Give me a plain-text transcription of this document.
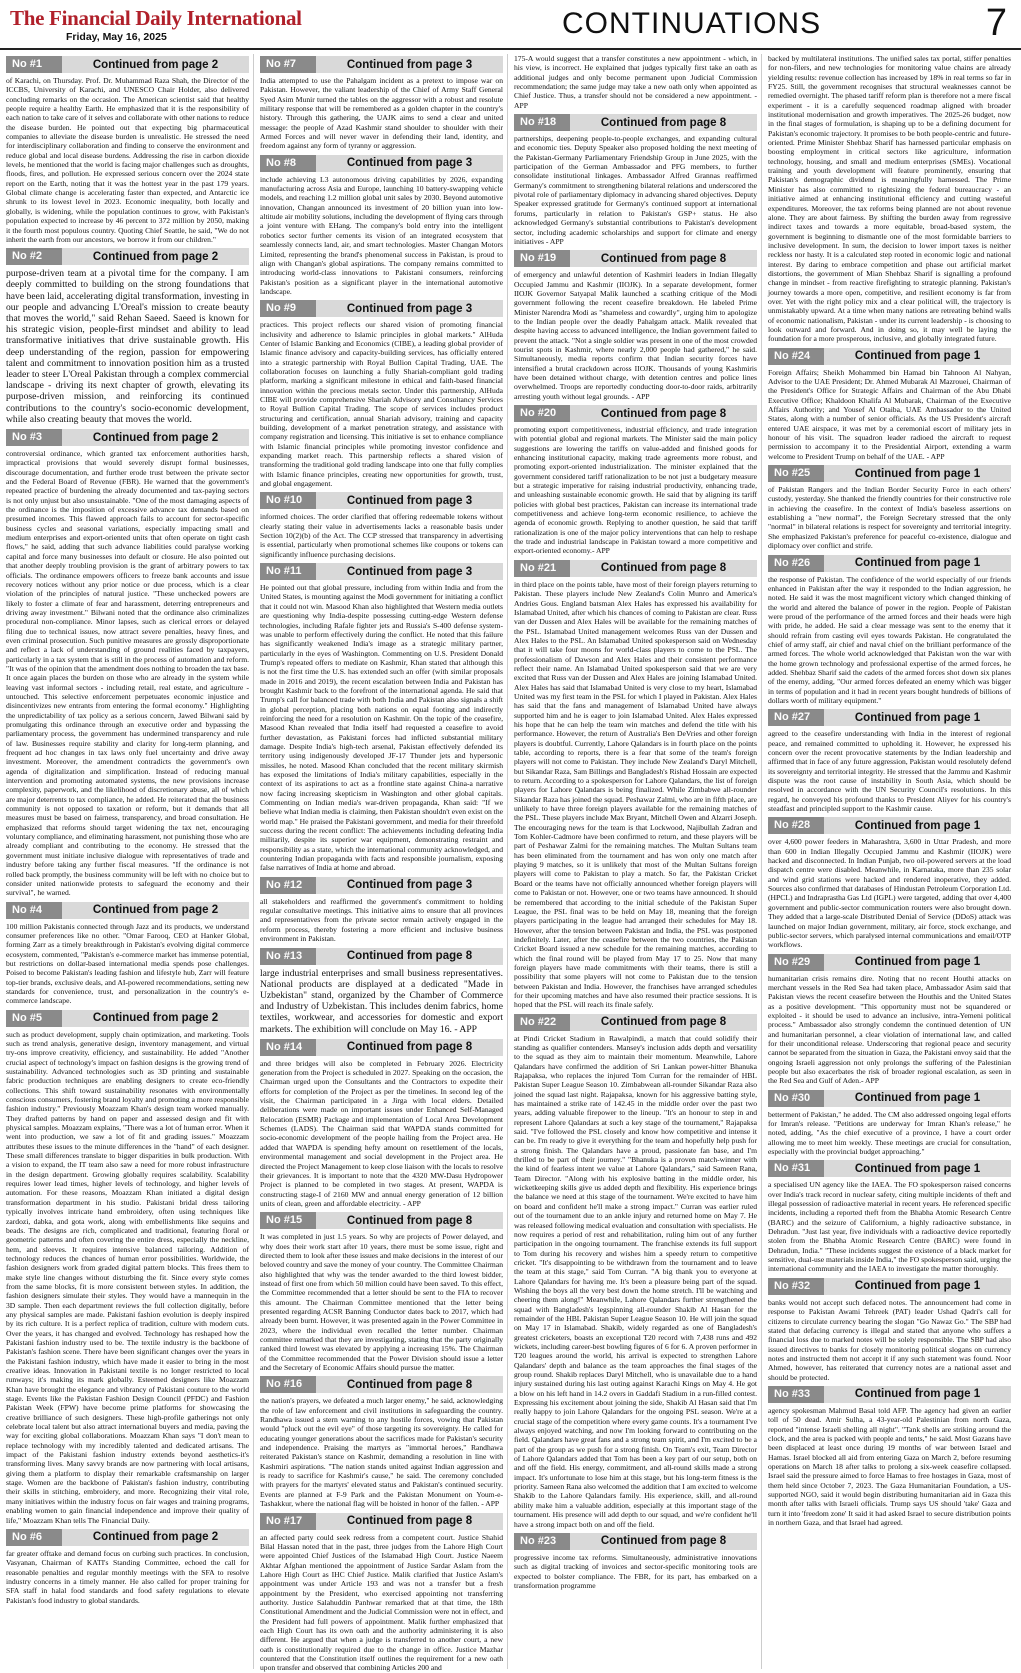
The Financial Daily International
Friday, May 16, 2025	CONTINUATIONS	7
No #1	Continued from page 2

of Karachi, on Thursday. Prof. Dr. Muhammad Raza Shah, the Director of the ICCBS, University of Karachi, and UNESCO Chair Holder, also delivered concluding remarks on the occasion. The American scientist said that healthy people require a healthy Earth. He emphasized that it is the responsibility of each nation to take care of it selves and collaborate with other nations to reduce the disease burden. He pointed out that expecting big pharmaceutical companies to alleviate the disease burden is unrealistic. He stressed the need for interdisciplinary collaboration and finding to conserve the environment and reduce global and local disease burdens. Addressing the rise in carbon dioxide levels, he mentioned that the world is facing major challenges such as droughts, floods, fires, and pollution. He expressed serious concern over the 2024 state report on the Earth, noting that it was the hottest year in the past 179 years. Global climate change is accelerating faster than expected, and Antarctic ice shrunk to its lowest level in 2023. Economic inequality, both locally and globally, is widening, while the population continues to grow, with Pakistan's population expected to increase by 46 percent to 372 million by 2050, making it the fourth most populous country. Quoting Chief Seattle, he said, "We do not inherit the earth from our ancestors, we borrow it from our children."

No #2	Continued from page 2

purpose-driven team at a pivotal time for the company. I am deeply committed to building on the strong foundations that have been laid, accelerating digital transformation, investing in our people and advancing L'Oreal's mission to create beauty that moves the world," said Rehan Saeed. Saeed is known for his strategic vision, people-first mindset and ability to lead transformative initiatives that drive sustainable growth. His deep understanding of the region, passion for empowering talent and commitment to innovation position him as a trusted leader to steer L'Oreal Pakistan through a complex commercial landscape - driving its next chapter of growth, elevating its purpose-driven mission, and reinforcing its continued contributions to the country's socio-economic development, while also creating beauty that moves the world.

No #3	Continued from page 2

controversial ordinance, which granted tax enforcement authorities harsh, impractical provisions that would severely disrupt formal businesses, discourage documentation, and further erode trust between the private sector and the Federal Board of Revenue (FBR). He warned that the government's repeated practice of burdening the already documented and tax-paying sectors is not only unjust but also unsustainable. "One of the most damaging aspects of the ordinance is the imposition of excessive advance tax demands based on presumed incomes. This flawed approach fails to account for sector-specific business cycles and seasonal variations, especially impacting small and medium enterprises and export-oriented units that often operate on tight cash flows," he said, adding that such advance liabilities could paralyse working capital and force many businesses into default or closure. He also pointed out that another deeply troubling provision is the grant of arbitrary powers to tax officials. The ordinance empowers officers to freeze bank accounts and issue recovery notices without any prior notice or due process, which is a clear violation of the principles of natural justice. "These unchecked powers are likely to foster a climate of fear and harassment, deterring entrepreneurs and driving away investment." Bilwani noted that the ordinance also criminalizes procedural non-compliance. Minor lapses, such as clerical errors or delayed filing due to technical issues, now attract severe penalties, heavy fines, and even criminal prosecution. Such punitive measures are grossly disproportionate and reflect a lack of understanding of ground realities faced by taxpayers, particularly in a tax system that is still in the process of automation and reform. "It was of the opinion that the amendment does nothing to broaden the tax base. It once again places the burden on those who are already in the system while leaving vast informal sectors - including retail, real estate, and agriculture - untouched. This selective enforcement perpetuates economic injustice and disincentivizes new entrants from entering the formal economy." Highlighting the unpredictability of tax policy as a serious concern, Jawed Bilwani said by promulgating this ordinance through an executive order and bypassing the parliamentary process, the government has undermined transparency and rule of law. Businesses require stability and clarity for long-term planning, and frequent ad hoc changes in tax laws only fuel uncertainty and drive away investment. Moreover, the amendment contradicts the government's own agenda of digitalization and simplification. Instead of reducing manual intervention and promoting automated systems, the new provisions increase complexity, paperwork, and the likelihood of discretionary abuse, all of which are major deterrents to tax compliance, he added. He reiterated that the business community is not opposed to taxation or reform, but it demands that all measures must be based on fairness, transparency, and broad consultation. He emphasized that reforms should target widening the tax net, encouraging voluntary compliance, and eliminating harassment, not punishing those who are already compliant and contributing to the economy. He stressed that the government must initiate inclusive dialogue with representatives of trade and industry before taking any further fiscal measures. "If the ordinance is not rolled back promptly, the business community will be left with no choice but to consider united nationwide protests to safeguard the economy and their survival", he warned.

No #4	Continued from page 2

100 million Pakistanis connected through Jazz and its products, we understand consumer preferences like no other. "Omar Farooq, CEO at Hanker Global, forming Zarr as a timely breakthrough in Pakistan's evolving digital commerce ecosystem, commented, "Pakistan's e-commerce market has immense potential, but restrictions on dollar-based international media spends pose challenges. Poised to become Pakistan's leading fashion and lifestyle hub, Zarr will feature top-tier brands, exclusive deals, and AI-powered recommendations, setting new standards for convenience, trust, and personalization in the country's e-commerce landscape.

No #5	Continued from page 2

such as product development, supply chain optimization, and marketing. Tools such as trend analysis, generative design, inventory management, and virtual try-ons improve creativity, efficiency, and sustainability. He added "Another crucial aspect of technology's impact on fashion designs is the growing trend of sustainability. Advanced technologies such as 3D printing and sustainable fabric production techniques are enabling designers to create eco-friendly collections. This shift toward sustainability resonates with environmentally conscious consumers, fostering brand loyalty and promoting a more responsible fashion industry." Previously Moazzam Khan's design team worked manually. They drafted patterns by hand on paper and assessed design and fit with physical samples. Moazzam explains, "There was a lot of human error. When it went into production, we saw a lot of fit and grading issues." Moazzam attributes these issues to the minute differences in the "hand" of each designer. These small differences translate to bigger disparities in bulk production. With a vision to expand, the IT team also saw a need for more robust infrastructure in the design department. Growing globally requires scalability. Scalability requires lower lead times, higher levels of technology, and higher levels of automation. For these reasons, Moazzam Khan initiated a digital design transformation department in his studio. Pakistani bridal dress tailoring typically involves intricate hand embroidery, often using techniques like zardozi, dabka, and gota work, along with embellishments like sequins and beads. The designs are rich, complicated and traditional, featuring floral or geometric patterns and often covering the entire dress, especially the neckline, hem, and sleeves. It requires intensive balanced tailoring. Addition of technology reduces the chances of human error possibilities. Worldwide, the fashion designers work from graded digital pattern blocks. This frees them to make style line changes without disturbing the fit. Since every style comes from the same blocks, fit is more consistent between styles. In addition, the fashion designers simulate their styles. They would have a mannequin in the 3D sample. Then each department reviews the full collection digitally, before any physical samples are made. Pakistani fashion evolution is deeply inspired by its rich culture. It is a perfect replica of tradition, culture with modern cuts. Over the years, it has changed and evolved. Technology has reshaped how the Pakistani fashion industry used to be. The textile industry is the backbone of Pakistan's fashion scene. There have been significant changes over the years in the Pakistani fashion industry, which have made it easier to bring in the most creative ideas. Innovation in Pakistani textile is no longer restricted to local runways; it's making its mark globally. Esteemed designers like Moazzam Khan have brought the elegance and vibrancy of Pakistani couture to the world stage. Events like the Pakistan Fashion Design Council (PFDC) and Fashion Pakistan Week (FPW) have become prime platforms for showcasing the creative brilliance of such designers. These high-profile gatherings not only celebrate local talent but also attract international buyers and media, paving the way for exciting global collaborations. Moazzam Khan says "I don't mean to replace technology with my incredibly talented and dedicated artisans. The impact of the Pakistani fashion industry extends beyond aesthetics-it's transforming lives. Many savvy brands are now partnering with local artisans, giving them a platform to display their remarkable craftsmanship on larger stage. Women are the backbone of Pakistan's fashion industry, contributing their skills in stitching, embroidery, and more. Recognizing their vital role, many initiatives within the industry focus on fair wages and training programs, enabling women to gain financial independence and improve their quality of life," Moazzam Khan tells The Financial Daily.

No #6	Continued from page 2

far greater offtake and demand focus on curbing such practices. In conclusion, Vasyanan, Chairman of KATI's Standing Committee, echoed the call for reasonable penalties and regular monthly meetings with the SFA to resolve industry concerns in a timely manner. He also called for proper training for SFA staff in halal food standards and food safety regulations to elevate Pakistan's food industry to global standards.

No #7	Continued from page 3

India attempted to use the Pahalgam incident as a pretext to impose war on Pakistan. However, the valiant leadership of the Chief of Army Staff General Syed Asim Munir turned the tables on the aggressor with a robust and resolute military response that will be remembered as a golden chapter in the country's history. Through this gathering, the UAJK aims to send a clear and united message: the people of Azad Kashmir stand shoulder to shoulder with their Armed Forces and will never waver in defending their land, identity, and freedom against any form of tyranny or aggression.

No #8	Continued from page 3

include achieving L3 autonomous driving capabilities by 2026, expanding manufacturing across Asia and Europe, launching 10 battery-swapping vehicle models, and reaching 1.2 million global unit sales by 2030. Beyond automotive innovation, Changan announced its investment of 20 billion yuan into low-altitude air mobility solutions, including the development of flying cars through a joint venture with EHang. The company's bold entry into the intelligent robotics sector further cements its vision of an integrated ecosystem that seamlessly connects land, air, and smart technologies. Master Changan Motors Limited, representing the brand's phenomenal success in Pakistan, is proud to align with Changan's global aspirations. The company remains committed to introducing world-class innovations to Pakistani consumers, reinforcing Pakistan's position as a significant player in the international automotive landscape.

No #9	Continued from page 3

practices. This project reflects our shared vision of promoting financial inclusivity and adherence to Islamic principles in global markets." AlHuda Center of Islamic Banking and Economics (CIBE), a leading global provider of Islamic finance advisory and capacity-building services, has officially entered into a strategic partnership with Royal Bullion Capital Trading, UAE. The collaboration focuses on launching a fully Shariah-compliant gold trading platform, marking a significant milestone in ethical and faith-based financial innovation within the precious metals sector. Under this partnership, AlHuda CIBE will provide comprehensive Shariah Advisory and Consultancy Services to Royal Bullion Capital Trading. The scope of services includes product structuring and certification, annual Shariah advisory, training and capacity building, development of a market penetration strategy, and assistance with company registration and licensing. This initiative is set to enhance compliance with Islamic financial principles while promoting investor confidence and expanding market reach. This partnership reflects a shared vision of transforming the traditional gold trading landscape into one that fully complies with Islamic finance principles, creating new opportunities for growth, trust, and global engagement.

No #10	Continued from page 3

informed choices. The order clarified that offering redeemable tokens without clearly stating their value in advertisements lacks a reasonable basis under Section 10(2)(b) of the Act. The CCP stressed that transparency in advertising is essential, particularly when promotional schemes like coupons or tokens can significantly influence purchasing decisions.

No #11	Continued from page 3

He pointed out that global pressure, including from within India and from the United States, is mounting against the Modi government for initiating a conflict that it could not win. Masood Khan also highlighted that Western media outlets are questioning why India-despite possessing cutting-edge Western defense technologies, including Rafale fighter jets and Russia's S-400 defense system-was unable to perform effectively during the conflict. He noted that this failure has significantly weakened India's image as a strategic military partner, particularly in the eyes of Washington. Commenting on U.S. President Donald Trump's repeated offers to mediate on Kashmir, Khan stated that although this is not the first time the U.S. has extended such an offer (with similar proposals made in 2016 and 2019), the recent escalation between India and Pakistan has brought Kashmir back to the forefront of the international agenda. He said that Trump's call for balanced trade with both India and Pakistan also signals a shift in global perception, placing both nations on equal footing and indirectly reinforcing the need for a resolution on Kashmir. On the topic of the ceasefire, Masood Khan revealed that India itself had requested a ceasefire to avoid further devastation, as Pakistani forces had inflicted substantial military damage. Despite India's high-tech arsenal, Pakistan effectively defended its territory using indigenously developed JF-17 Thunder jets and hypersonic missiles, he noted. Masood Khan concluded that the recent military skirmish has exposed the limitations of India's military capabilities, especially in the context of its aspirations to act as a frontline state against China-a narrative now facing increasing skepticism in Washington and other global capitals. Commenting on Indian media's war-driven propaganda, Khan said: "If we believe what Indian media is claiming, then Pakistan shouldn't even exist on the world map." He praised the Pakistani government, and media for their threefold success during the recent conflict: The achievements including defeating India militarily, despite its superior war equipment, demonstrating restraint and responsibility as a state, which the international community acknowledged, and countering Indian propaganda with facts and responsible journalism, exposing false narratives of India at home and abroad.

No #12	Continued from page 3

all stakeholders and reaffirmed the government's commitment to holding regular consultative meetings. This initiative aims to ensure that all provinces and representatives from the private sector remain actively engaged in the reform process, thereby fostering a more efficient and inclusive business environment in Pakistan.

No #13	Continued from page 8

large industrial enterprises and small business representatives. National products are displayed at a dedicated "Made in Uzbekistan" stand, organized by the Chamber of Commerce and Industry of Uzbekistan. This includes denim fabrics, home textiles, workwear, and accessories for domestic and export markets. The exhibition will conclude on May 16. - APP

No #14	Continued from page 8

and three bridges will also be completed in February 2026. Electricity generation from the Project is scheduled in 2027. Speaking on the occasion, the Chairman urged upon the Consultants and the Contractors to expedite their efforts for completion of the Project as per the timelines. In second leg of the visit, the Chairman participated in a Jirga with local elders. Detailed deliberations were made on important issues under Enhanced Self-Managed Relocation (ESMR) Package and implementation of Local Area Development Schemes (LADS). The Chairman said that WAPDA stands committed for socio-economic development of the people hailing from the Project area. He added that WAPDA is spending hefty amount on resettlement of the locals, environmental management and social development in the Project area. He directed the Project Management to keep close liaison with the locals to resolve their grievances. It is important to note that the 4320 MW-Dasu Hydropower Project is planned to be completed in two stages. At present, WAPDA is constructing stage-I of 2160 MW and annual energy generation of 12 billion units of clean, green and affordable electricity. - APP

No #15	Continued from page 8

It was completed in just 1.5 years. So why are projects of Power delayed, and why does their work start after 10 years, there must be some issue, right and directed them to look after these issues and make decisions in the interest of our beloved country and save the money of your country. The Committee Chairman also highlighted that why was the tender awarded to the third lowest bidder, instead of first one from which 50 million could have been saved. To this effect, the Committee recommended that a letter should be sent to the FIA to recover this amount. The Chairman Committee mentioned that the letter being presented regarding ACSR Banning Conductor dates back to 2017, which had already been burnt. However, it was presented again in the Power Committee in 2023, where the individual even recalled the letter number. Chairman committee remarked that they are investigating, stating that the party originally ranked third lowest was elevated by applying a increasing 15%. The Chairman of the Committee recommended that the Power Division should issue a letter and the Secretary of Economic Affairs should pursue the matter.

No #16	Continued from page 8

the nation's prayers, we defeated a much larger enemy," he said, acknowledging the role of law enforcement and civil institutions in safeguarding the country. Randhawa issued a stern warning to any hostile forces, vowing that Pakistan would "pluck out the evil eye" of those targeting its sovereignty. He called for educating younger generations about the sacrifices made for Pakistan's security and independence. Praising the martyrs as "immortal heroes," Randhawa reiterated Pakistan's stance on Kashmir, demanding a resolution in line with Kashmiri aspirations. "The nation stands united against Indian aggression and is ready to sacrifice for Kashmir's cause," he said. The ceremony concluded with prayers for the martyrs' elevated status and Pakistan's continued security. Events are planned at F-9 Park and the Pakistan Monument on Youm-e-Tashakkur, where the national flag will be hoisted in honor of the fallen. - APP

No #17	Continued from page 8

an affected party could seek redress from a competent court. Justice Shahid Bilal Hassan noted that in the past, three judges from the Lahore High Court were appointed Chief Justices of the Islamabad High Court. Justice Naeem Akhtar Afghan mentioned the appointment of Justice Sardar Aslam from the Lahore High Court as IHC Chief Justice. Malik clarified that Justice Aslam's appointment was under Article 193 and was not a transfer but a fresh appointment by the President, who exercised appointing not transferring authority. Justice Salahuddin Panhwar remarked that at that time, the 18th Constitutional Amendment and the Judicial Commission were not in effect, and the President had full powers of appointment. Malik further emphasized that each High Court has its own oath and the authority administering it is also different. He argued that when a judge is transferred to another court, a new oath is constitutionally required due to the change in office. Justice Mazhar countered that the Constitution itself outlines the requirement for a new oath upon transfer and observed that combining Articles 200 and

175-A would suggest that a transfer constitutes a new appointment - which, in his view, is incorrect. He explained that judges typically first take an oath as additional judges and only become permanent upon Judicial Commission recommendation; the same judge may take a new oath only when appointed as Chief Justice. Thus, a transfer should not be considered a new appointment. - APP

No #18	Continued from page 8

partnerships, deepening people-to-people exchanges, and expanding cultural and economic ties. Deputy Speaker also proposed holding the next meeting of the Pakistan-Germany Parliamentary Friendship Group in June 2025, with the participation of the German Ambassador and PFG members, to further consolidate institutional linkages. Ambassador Alfred Grannas reaffirmed Germany's commitment to strengthening bilateral relations and underscored the pivotal role of parliamentary diplomacy in advancing shared objectives. Deputy Speaker expressed gratitude for Germany's continued support at international forums, particularly in relation to Pakistan's GSP+ status. He also acknowledged Germany's substantial contributions to Pakistan's development sector, including academic scholarships and support for climate and energy initiatives - APP

No #19	Continued from page 8

of emergency and unlawful detention of Kashmiri leaders in Indian Illegally Occupied Jammu and Kashmir (IIOJK). In a separate development, former IIOJK Governor Satyapal Malik launched a scathing critique of the Modi government following the recent ceasefire breakdown. He labeled Prime Minister Narendra Modi as "shameless and cowardly", urging him to apologize to the Indian people over the deadly Pahalgam attack. Malik revealed that despite having access to advanced intelligence, the Indian government failed to prevent the attack. "Not a single soldier was present in one of the most crowded tourist spots in Kashmir, where nearly 2,000 people had gathered," he said. Simultaneously, media reports confirm that Indian security forces have intensified a brutal crackdown across IIOJK. Thousands of young Kashmiris have been detained without charge, with detention centres and police lines overwhelmed. Troops are reportedly conducting door-to-door raids, arbitrarily arresting youth without legal grounds. - APP

No #20	Continued from page 8

promoting export competitiveness, industrial efficiency, and trade integration with potential global and regional markets. The Minister said the main policy suggestions are lowering the tariffs on value-added and finished goods for enhancing institutional capacity, making trade agreements more robust, and promoting export-oriented industrialization. The minister explained that the government considered tariff rationalization to be not just a budgetary measure but a strategic imperative for raising industrial productivity, enhancing trade, and unleashing sustainable economic growth. He said that by aligning its tariff policies with global best practices, Pakistan can increase its international trade competitiveness and achieve long-term economic resilience, to achieve the agenda of economic growth. Replying to another question, he said that tariff rationalization is one of the major policy interventions that can help to reshape the trade and industrial landscape in Pakistan toward a more competitive and export-oriented economy.- APP

No #21	Continued from page 8

in third place on the points table, have most of their foreign players returning to Pakistan. These players include New Zealand's Colin Munro and America's Andries Gous. England batsman Alex Hales has expressed his availability for Islamabad United, after which his chances of coming to Pakistan are clear. Russ van der Dussen and Alex Hales will be available for the remaining matches of the PSL. Islamabad United management welcomes Russ van der Dussen and Alex Hales to the PSL. An Islamabad United spokesperson said on Wednesday that it will take four moons for world-class players to come to the PSL. The professionalism of Dawson and Alex Hales and their consistent performance reflect their name. An Islamabad United spokesperson said that we are very excited that Russ van der Dussen and Alex Hales are joining Islamabad United. Alex Hales has said that Islamabad United is very close to my heart, Islamabad United was my first team in the PSL for which I played in Pakistan. Alex Hales has said that the fans and management of Islamabad United have always supported him and he is eager to join Islamabad United. Alex Hales expressed his hope that he can help the team win matches and defend the title with his performance. However, the return of Australia's Ben DeVries and other foreign players is doubtful. Currently, Lahore Qalandars is in fourth place on the points table, according to reports, there is a fear that some of the team's foreign players will not come to Pakistan. They include New Zealand's Daryl Mitchell, but Sikandar Raza, Sam Billings and Bangladesh's Rishad Hossain are expected to return. According to a spokesperson for Lahore Qalandars, the list of foreign players for Lahore Qalandars is being finalized. While Zimbabwe all-rounder Sikandar Raza has joined the squad. Peshawar Zalmi, who are in fifth place, are unlikely to have three foreign players available for the remaining matches of the PSL. These players include Max Bryant, Mitchell Owen and Alzarri Joseph. The encouraging news for the team is that Lockwood, Najibullah Zadran and Tom Kohler-Cadmore have been confirmed to return, and these players will be part of Peshawar Zalmi for the remaining matches. The Multan Sultans team has been eliminated from the tournament and has won only one match after playing 9 matches, so it is unlikely that most of the Multan Sultans foreign players will come to Pakistan to play a match. So far, the Pakistan Cricket Board or the teams have not officially announced whether foreign players will come to Pakistan or not. However, one or two teams have announced. It should be remembered that according to the initial schedule of the Pakistan Super League, the PSL final was to be held on May 18, meaning that the foreign players participating in the league had arranged their schedules for May 18. However, after the tension between Pakistan and India, the PSL was postponed indefinitely. Later, after the ceasefire between the two countries, the Pakistan Cricket Board issued a new schedule for the remaining matches, according to which the final round will be played from May 17 to 25. Now that many foreign players have made commitments with their teams, there is still a possibility that some players will not come to Pakistan due to the tension between Pakistan and India. However, the franchises have arranged schedules for their upcoming matches and have also resumed their practice sessions. It is hoped that the PSL will reach its finale safely.

No #22	Continued from page 8

at Pindi Cricket Stadium in Rawalpindi, a match that could solidify their standing as qualifier contenders. Mansey's inclusion adds depth and versatility to the squad as they aim to maintain their momentum. Meanwhile, Lahore Qalandars have confirmed the addition of Sri Lankan power-hitter Bhanuka Rajapaksa, who replaces the injured Tom Curran for the remainder of HBL Pakistan Super League Season 10. Zimbabwean all-rounder Sikandar Raza also joined the squad last night. Rajapaksa, known for his aggressive batting style, has maintained a strike rate of 142.45 in the middle order over the past two years, adding valuable firepower to the lineup. "It's an honour to step in and represent Lahore Qalandars at such a key stage of the tournament," Rajapaksa said. "I've followed the PSL closely and know how competitive and intense it can be. I'm ready to give it everything for the team and hopefully help push for a strong finish. The Qalandars have a proud, passionate fan base, and I'm thrilled to be part of their journey." "Bhanuka is a proven match-winner with the kind of fearless intent we value at Lahore Qalandars," said Sameen Rana, Team Director. "Along with his explosive batting in the middle order, his wicketkeeping skills give us added depth and flexibility. His experience brings the balance we need at this stage of the tournament. We're excited to have him on board and confident he'll make a strong impact." Curran was earlier ruled out of the tournament due to an ankle injury and returned home on May 7. He was released following medical evaluation and consultation with specialists. He now requires a period of rest and rehabilitation, ruling him out of any further participation in the ongoing tournament. The franchise extends its full support to Tom during his recovery and wishes him a speedy return to competitive cricket. "It's disappointing to be withdrawn from the tournament and to leave the team at this stage," said Tom Curran. "A big thank you to everyone at Lahore Qalandars for having me. It's been a pleasure being part of the squad. Wishing the boys all the very best down the home stretch. I'll be watching and cheering them along!" Meanwhile, Lahore Qalandars further strengthened the squad with Bangladesh's legspinning all-rounder Shakib Al Hasan for the remainder of the HBL Pakistan Super League Season 10. He will join the squad on May 17 in Islamabad. Shakib, widely regarded as one of Bangladesh's greatest cricketers, boasts an exceptional T20 record with 7,438 runs and 492 wickets, including career-best bowling figures of 6 for 6. A proven performer in T20 leagues around the world, his arrival is expected to strengthen Lahore Qalandars' depth and balance as the team approaches the final stages of the group round. Shakib replaces Daryl Mitchell, who is unavailable due to a hand injury sustained during his last outing against Karachi Kings on May 4. He got a blow on his left hand in 14.2 overs in Gaddafi Stadium in a run-filled contest. Expressing his excitement about joining the side, Shakib Al Hasan said that I'm really happy to join Lahore Qalandars for the ongoing PSL season. We're at a crucial stage of the competition where every game counts. It's a tournament I've always enjoyed watching, and now I'm looking forward to contributing on the field. Qalandars have great fans and a strong team spirit, and I'm excited to be a part of the group as we push for a strong finish. On Team's exit, Team Director of Lahore Qalandars added that Tom has been a key part of our setup, both on and off the field. His energy, commitment, and all-round skills made a strong impact. It's unfortunate to lose him at this stage, but his long-term fitness is the priority. Sameen Rana also welcomed the addition that I am excited to welcome Shakib to the Lahore Qalandars family. His experience, skill, and all-round ability make him a valuable addition, especially at this important stage of the tournament. His presence will add depth to our squad, and we're confident he'll have a strong impact both on and off the field.

No #23	Continued from page 8

progressive income tax reforms. Simultaneously, administrative innovations such as digital tracking of invoices and sector-specific monitoring tools are expected to bolster compliance. The FBR, for its part, has embarked on a transformation programme

backed by multilateral institutions. The unified sales tax portal, stiffer penalties for non-filers, and new technologies for monitoring value chains are already yielding results: revenue collection has increased by 18% in real terms so far in FY25. Still, the government recognises that structural weaknesses cannot be remedied overnight. The phased tariff reform plan is therefore not a mere fiscal experiment - it is a carefully sequenced roadmap aligned with broader institutional modernisation and growth imperatives. The 2025-26 budget, now in the final stages of formulation, is shaping up to be a defining document for Pakistan's economic trajectory. It promises to be both people-centric and future-oriented. Prime Minister Shehbaz Sharif has harnessed particular emphasis on boosting employment in critical sectors like agriculture, information technology, housing, and small and medium enterprises (SMEs). Vocational training and youth development will feature prominently, ensuring that Pakistan's demographic dividend is meaningfully harnessed. The Prime Minister has also committed to rightsizing the federal bureaucracy - an initiative aimed at enhancing institutional efficiency and cutting wasteful expenditures. Moreover, the tax reforms being planned are not about revenue alone. They are about fairness. By shifting the burden away from regressive indirect taxes and towards a more equitable, broad-based system, the government is beginning to dismantle one of the most formidable barriers to inclusive development. In sum, the decision to lower import taxes is neither reckless nor hasty. It is a calculated step rooted in economic logic and national interest. By daring to embrace competition and phase out artificial market distortions, the government of Mian Shehbaz Sharif is signalling a profound change in mindset - from reactive firefighting to strategic planning. Pakistan's journey towards a more open, competitive, and resilient economy is far from over. Yet with the right policy mix and a clear political will, the trajectory is unmistakably upward. At a time when many nations are retreating behind walls of economic nationalism, Pakistan - under its current leadership - is choosing to look outward and forward. And in doing so, it may well be laying the foundation for a more prosperous, inclusive, and globally integrated future.

No #24	Continued from page 1

Foreign Affairs; Sheikh Mohammed bin Hamad bin Tahnoon Al Nahyan, Advisor to the UAE President; Dr. Ahmed Mubarak Al Mazrouei, Chairman of the President's Office for Strategic Affairs and Chairman of the Abu Dhabi Executive Office; Khaldoon Khalifa Al Mubarak, Chairman of the Executive Affairs Authority; and Yousef Al Otaiba, UAE Ambassador to the United States, along with a number of senior officials. As the US President's aircraft entered UAE airspace, it was met by a ceremonial escort of military jets in honour of his visit. The squadron leader radioed the aircraft to request permission to accompany it to the Presidential Airport, extending a warm welcome to President Trump on behalf of the UAE. - APP

No #25	Continued from page 1

of Pakistan Rangers and the Indian Border Security Force in each others' custody, yesterday. She thanked the friendly countries for their constructive role in achieving the ceasefire. In the context of India's baseless assertions on establishing a "new normal", the Foreign Secretary stressed that the only "normal" in bilateral relations is respect for sovereignty and territorial integrity. She emphasized Pakistan's preference for peaceful co-existence, dialogue and diplomacy over conflict and strife.

No #26	Continued from page 1

the response of Pakistan. The confidence of the world especially of our friends enhanced in Pakistan after the way it responded to the Indian aggression, he noted. He said it was the most magnificent victory which changed thinking of the world and altered the balance of power in the region. People of Pakistan were proud of the performance of the armed forces and their heads were high with pride, he added. He said a clear message was sent to the enemy that it should refrain from casting evil eyes towards Pakistan. He congratulated the chief of army staff, air chief and naval chief on the brilliant performance of the armed forces. The whole world acknowledged that Pakistan won the war with the home grown technology and professional expertise of the armed forces, he added. Shehbaz Sharif said the cadets of the armed forces shot down six planes of the enemy, adding, "Our armed forces defeated an enemy which was bigger in terms of population and it had in recent years bought hundreds of billions of dollars worth of military equipment."

No #27	Continued from page 1

agreed to the ceasefire understanding with India in the interest of regional peace, and remained committed to upholding it. However, he expressed his concern over the recent provocative statements by the Indian leadership and affirmed that in face of any future aggression, Pakistan would resolutely defend its sovereignty and territorial integrity. He stressed that the Jammu and Kashmir dispute was the root cause of instability in South Asia, which should be resolved in accordance with the UN Security Council's resolutions. In this regard, he conveyed his profound thanks to President Aliyev for his country's steadfast and principled support to the Kashmir cause.

No #28	Continued from page 1

over 4,600 power feeders in Maharashtra, 3,600 in Uttar Pradesh, and more than 600 in Indian Illegally Occupied Jammu and Kashmir (IIOJK) were hacked and disconnected. In Indian Punjab, two oil-powered servers at the load dispatch centre were disabled. Meanwhile, in Karnataka, more than 235 solar and wind grid stations were hacked and rendered inoperative, they added. Sources also confirmed that databases of Hindustan Petroleum Corporation Ltd. (HPCL) and Indraprastha Gas Ltd (IGPL) were targeted, adding that over 4,400 government and public-sector communication routers were also brought down. They added that a large-scale Distributed Denial of Service (DDoS) attack was launched on major Indian government, military, air force, stock exchange, and public-sector servers, which paralysed internal communications and email/OTP workflows.

No #29	Continued from page 1

humanitarian crisis remains dire. Noting that no recent Houthi attacks on merchant vessels in the Red Sea had taken place, Ambassador Asim said that Pakistan views the recent ceasefire between the Houthis and the United States as a positive development. "This opportunity must not be squandered or exploited - it should be used to advance an inclusive, intra-Yemeni political process." Ambassador also strongly condemn the continued detention of UN and humanitarian personnel, a clear violation of international law, and called for their unconditional release. Underscoring that regional peace and security cannot be separated from the situation in Gaza, the Pakistani envoy said that the ongoing Israeli aggression not only prolongs the suffering of the Palestinian people but also exacerbates the risk of broader regional escalation, as seen in the Red Sea and Gulf of Aden.- APP

No #30	Continued from page 1

betterment of Pakistan," he added. The CM also addressed ongoing legal efforts for Imran's release. "Petitions are underway for Imran Khan's release," he noted, adding, "As the chief executive of a province, I have a court order allowing me to meet him weekly. These meetings are crucial for consultation, especially with the provincial budget approaching."

No #31	Continued from page 1

a specialised UN agency like the IAEA. The FO spokesperson raised concerns over India's track record in nuclear safety, citing multiple incidents of theft and illegal possession of radioactive material in recent years. He referenced specific incidents, including a reported theft from the Bhabha Atomic Research Centre (BARC) and the seizure of Californium, a highly radioactive substance, in Dehradun. "Just last year, five individuals with a radioactive device reportedly stolen from the Bhabha Atomic Research Centre (BARC) were found in Dehradun, India." "These incidents suggest the existence of a black market for sensitive, dual-use materials inside India," the FO spokesperson said, urging the international community and the IAEA to investigate the matter thoroughly.

No #32	Continued from page 1

banks would not accept such defaced notes. The announcement had come in response to Pakistan Awami Tehreek (PAT) leader Ushad Qadri's call for citizens to circulate currency bearing the slogan "Go Nawaz Go." The SBP had stated that defacing currency is illegal and stated that anyone who suffers a financial loss due to marked notes will be solely responsible. The SBP had also issued directives to banks for closely monitoring political slogans on currency notes and instructed them not accept it if any such statement was found. Noor Ahmed, however, has reiterated that currency notes are a national asset and should be protected.

No #33	Continued from page 1

agency spokesman Mahmud Basal told AFP. The agency had given an earlier toll of 50 dead. Amir Sulha, a 43-year-old Palestinian from north Gaza, reported "intense Israeli shelling all night". "Tank shells are striking around the clock, and the area is packed with people and tents," he said. Most Gazans have been displaced at least once during 19 months of war between Israel and Hamas. Israel blocked all aid from entering Gaza on March 2, before resuming operations on March 18 after talks to prolong a six-week ceasefire collapsed. Israel said the pressure aimed to force Hamas to free hostages in Gaza, most of them held since October 7, 2023. The Gaza Humanitarian Foundation, a US-supported NGO, said it would begin distributing humanitarian aid in Gaza this month after talks with Israeli officials. Trump says US should 'take' Gaza and turn it into 'freedom zone' It said it had asked Israel to secure distribution points in northern Gaza, and that Israel had agreed.
